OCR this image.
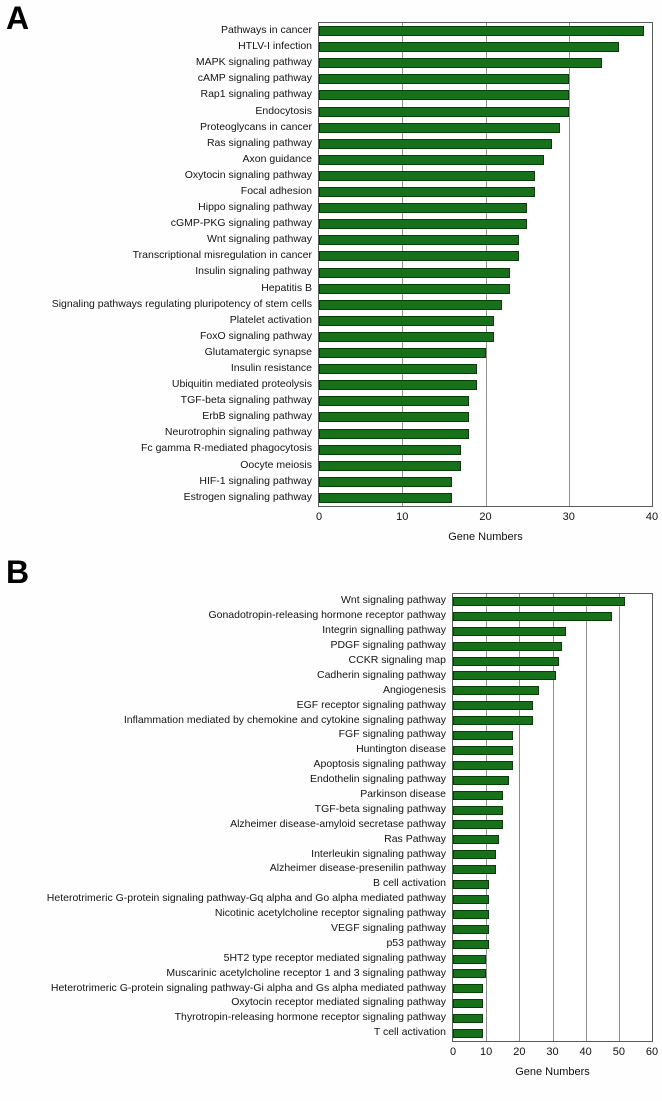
A
B
Pathways in cancer
HTLV-I infection
MAPK signaling pathway
cAMP signaling pathway
Rap1 signaling pathway
Endocytosis
Proteoglycans in cancer
Ras signaling pathway
Axon guidance
Oxytocin signaling pathway
Focal adhesion
Hippo signaling pathway
cGMP-PKG signaling pathway
Wnt signaling pathway
Transcriptional misregulation in cancer
Insulin signaling pathway
Hepatitis B
Signaling pathways regulating pluripotency of stem cells
Platelet activation
FoxO signaling pathway
Glutamatergic synapse
Insulin resistance
Ubiquitin mediated proteolysis
TGF-beta signaling pathway
ErbB signaling pathway
Neurotrophin signaling pathway
Fc gamma R-mediated phagocytosis
Oocyte meiosis
HIF-1 signaling pathway
Estrogen signaling pathway
Wnt signaling pathway
Gonadotropin-releasing hormone receptor pathway
Integrin signalling pathway
PDGF signaling pathway
CCKR signaling map
Cadherin signaling pathway
Angiogenesis
EGF receptor signaling pathway
Inflammation mediated by chemokine and cytokine signaling pathway
FGF signaling pathway
Huntington disease
Apoptosis signaling pathway
Endothelin signaling pathway
Parkinson disease
TGF-beta signaling pathway
Alzheimer disease-amyloid secretase pathway
Ras Pathway
Interleukin signaling pathway
Alzheimer disease-presenilin pathway
B cell activation
Heterotrimeric G-protein signaling pathway-Gq alpha and Go alpha mediated pathway
Nicotinic acetylcholine receptor signaling pathway
VEGF signaling pathway
p53 pathway
5HT2 type receptor mediated signaling pathway
Muscarinic acetylcholine receptor 1 and 3 signaling pathway
Heterotrimeric G-protein signaling pathway-Gi alpha and Gs alpha mediated pathway
Oxytocin receptor mediated signaling pathway
Thyrotropin-releasing hormone receptor signaling pathway
T cell activation
0	10	20	30	40
Gene Numbers
0 10 20 30 40 50 60
Gene Numbers
